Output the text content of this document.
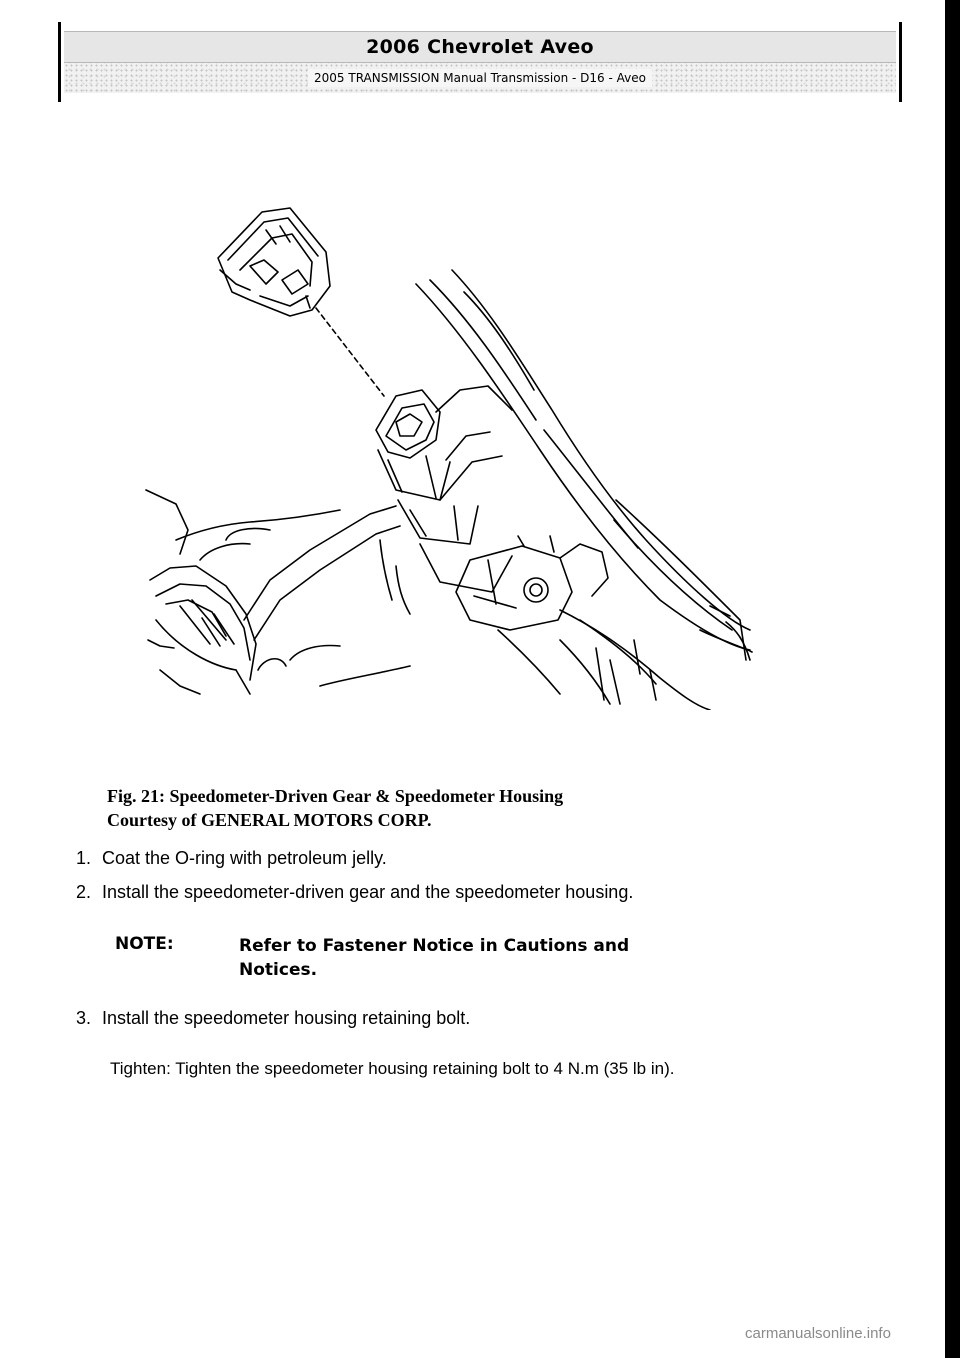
2006 Chevrolet Aveo
2005 TRANSMISSION Manual Transmission - D16 - Aveo
Fig. 21: Speedometer-Driven Gear & Speedometer Housing
Courtesy of GENERAL MOTORS CORP.
1. Coat the O-ring with petroleum jelly.
2. Install the speedometer-driven gear and the speedometer housing.
NOTE:	Refer to Fastener Notice in Cautions and Notices.
3. Install the speedometer housing retaining bolt.
Tighten: Tighten the speedometer housing retaining bolt to 4 N.m (35 lb in).
carmanualsonline.info
